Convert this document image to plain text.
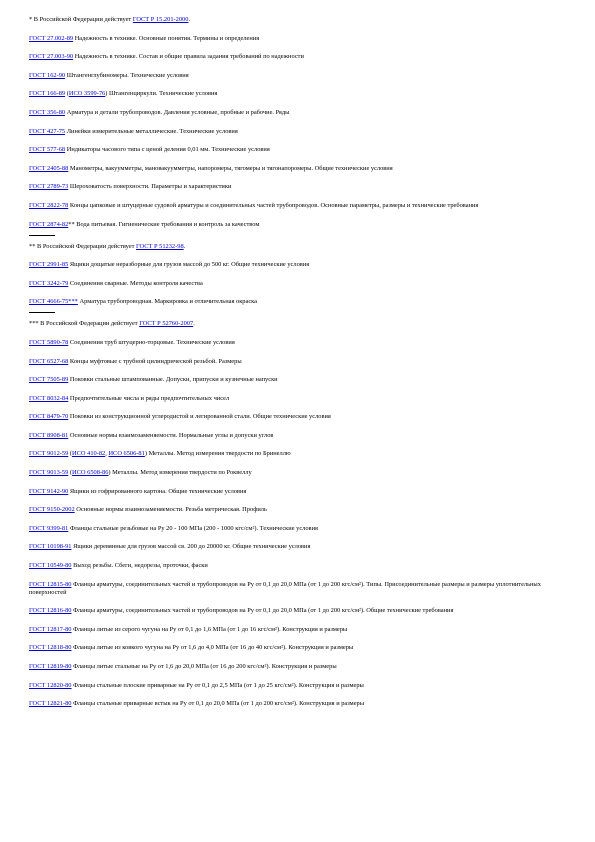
* В Российской Федерации действует ГОСТ Р 15.201-2000.

ГОСТ 27.002-89 Надежность в технике. Основные понятия. Термины и определения

ГОСТ 27.003-90 Надежность в технике. Состав и общие правила задания требований по надежности

ГОСТ 162-90 Штангенглубиномеры. Технические условия

ГОСТ 166-89 (ИСО 3599-76) Штангенциркули. Технические условия

ГОСТ 356-80 Арматура и детали трубопроводов. Давления условные, пробные и рабочие. Ряды

ГОСТ 427-75 Линейки измерительные металлические. Технические условия

ГОСТ 577-68 Индикаторы часового типа с ценой деления 0,01 мм. Технические условия

ГОСТ 2405-88 Манометры, вакуумметры, мановакуумметры, напоромеры, тягомеры и тягонапоромеры. Общие технические условия

ГОСТ 2789-73 Шероховатость поверхности. Параметры и характеристики

ГОСТ 2822-78 Концы цапковые и штуцерные судовой арматуры и соединительных частей трубопроводов. Основные параметры, размеры и технические требования

ГОСТ 2874-82** Вода питьевая. Гигиенические требования и контроль за качеством

** В Российской Федерации действует ГОСТ Р 51232-98.

ГОСТ 2991-85 Ящики дощатые неразборные для грузов массой до 500 кг. Общие технические условия

ГОСТ 3242-79 Соединения сварные. Методы контроля качества

ГОСТ 4666-75*** Арматура трубопроводная. Маркировка и отличительная окраска

*** В Российской Федерации действует ГОСТ Р 52760-2007.

ГОСТ 5890-78 Соединения труб штуцерно-торцовые. Технические условия

ГОСТ 6527-68 Концы муфтовые с трубной цилиндрической резьбой. Размеры

ГОСТ 7505-89 Поковки стальные штампованные. Допуски, припуски и кузнечные напуски

ГОСТ 8032-84 Предпочтительные числа и ряды предпочтительных чисел

ГОСТ 8479-70 Поковки из конструкционной углеродистой и легированной стали. Общие технические условия

ГОСТ 8908-81 Основные нормы взаимозаменяемости. Нормальные углы и допуски углов

ГОСТ 9012-59 (ИСО 410-82, ИСО 6506-81) Металлы. Метод измерения твердости по Бринеллю

ГОСТ 9013-59 (ИСО 6508-86) Металлы. Метод измерения твердости по Роквеллу

ГОСТ 9142-90 Ящики из гофрированного картона. Общие технические условия

ГОСТ 9150-2002 Основные нормы взаимозаменяемости. Резьба метрическая. Профиль

ГОСТ 9399-81 Фланцы стальные резьбовые на Ру 20 - 100 МПа (200 - 1000 кгс/см²). Технические условия

ГОСТ 10198-91 Ящики деревянные для грузов массой св. 200 до 20000 кг. Общие технические условия

ГОСТ 10549-80 Выход резьбы. Сбеги, недорезы, проточки, фаски

ГОСТ 12815-80 Фланцы арматуры, соединительных частей и трубопроводов на Ру от 0,1 до 20,0 МПа (от 1 до 200 кгс/см²). Типы. Присоединительные размеры и размеры уплотнительных поверхностей

ГОСТ 12816-80 Фланцы арматуры, соединительных частей и трубопроводов на Ру от 0,1 до 20,0 МПа (от 1 до 200 кгс/см²). Общие технические требования

ГОСТ 12817-80 Фланцы литые из серого чугуна на Ру от 0,1 до 1,6 МПа (от 1 до 16 кгс/см²). Конструкция и размеры

ГОСТ 12818-80 Фланцы литые из ковкого чугуна на Ру от 1,6 до 4,0 МПа (от 16 до 40 кгс/см²). Конструкция и размеры

ГОСТ 12819-80 Фланцы литые стальные на Ру от 1,6 до 20,0 МПа (от 16 до 200 кгс/см²). Конструкция и размеры

ГОСТ 12820-80 Фланцы стальные плоские приварные на Ру от 0,1 до 2,5 МПа (от 1 до 25 кгс/см²). Конструкция и размеры

ГОСТ 12821-80 Фланцы стальные приварные встык на Ру от 0,1 до 20,0 МПа (от 1 до 200 кгс/см²). Конструкция и размеры
